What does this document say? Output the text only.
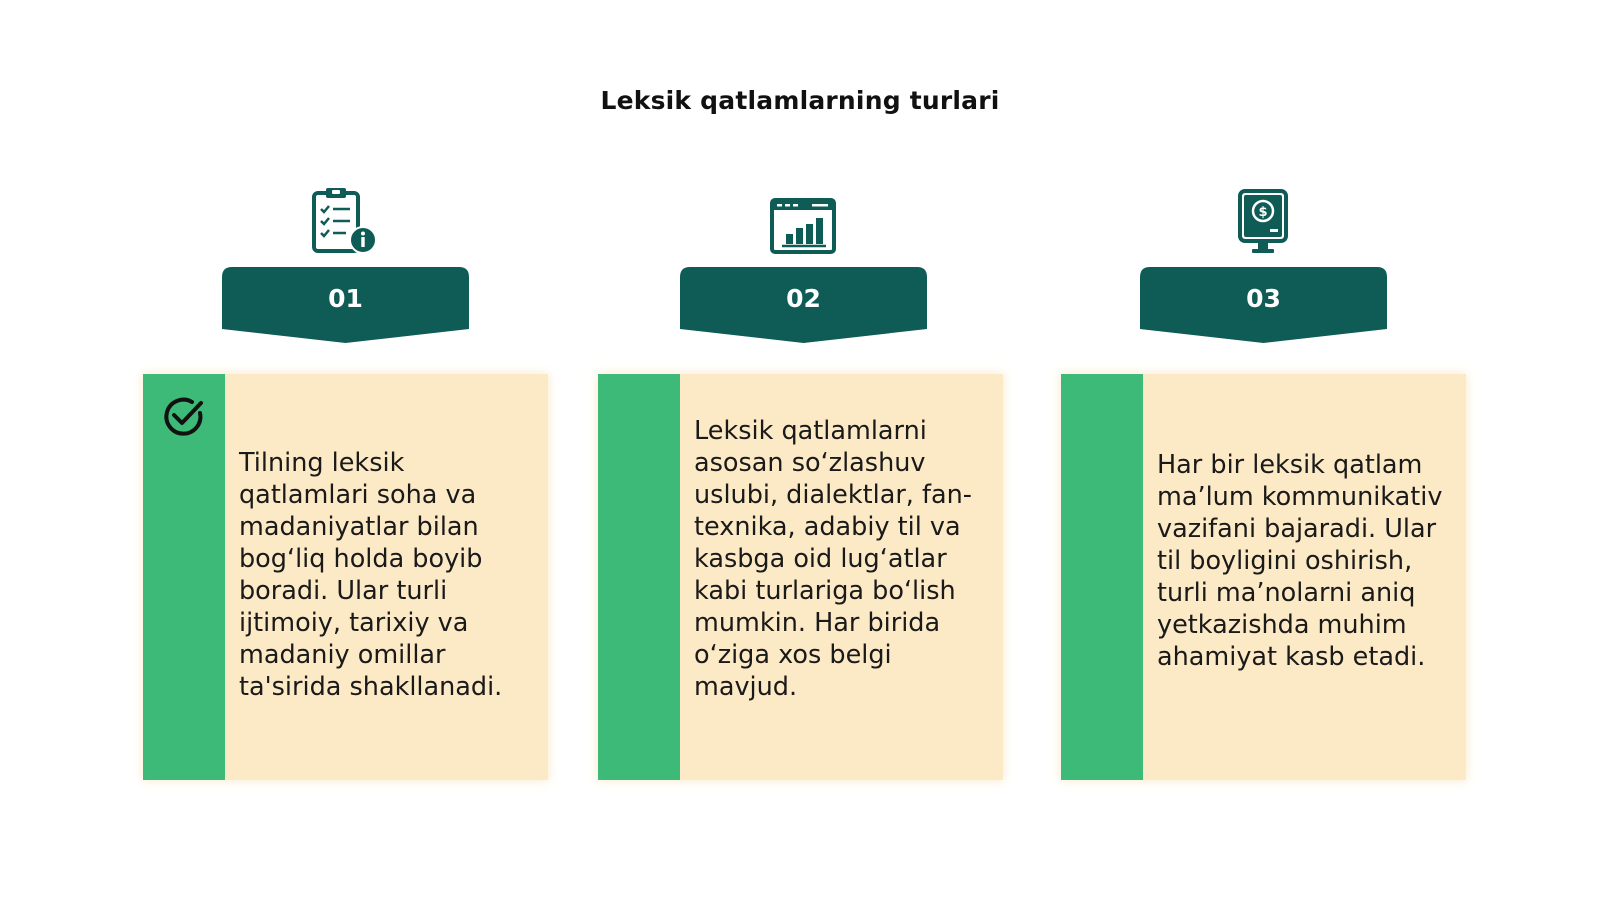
Leksik qatlamlarning turlari
01	02
$
03
Tilning leksik qatlamlari soha va madaniyatlar bilan bog‘liq holda boyib boradi. Ular turli ijtimoiy, tarixiy va madaniy omillar ta'sirida shakllanadi.
Leksik qatlamlarni asosan so‘zlashuv uslubi, dialektlar, fan-texnika, adabiy til va kasbga oid lug‘atlar kabi turlariga bo‘lish mumkin. Har birida o‘ziga xos belgi mavjud.
Har bir leksik qatlam ma’lum kommunikativ vazifani bajaradi. Ular til boyligini oshirish, turli ma’nolarni aniq yetkazishda muhim ahamiyat kasb etadi.
